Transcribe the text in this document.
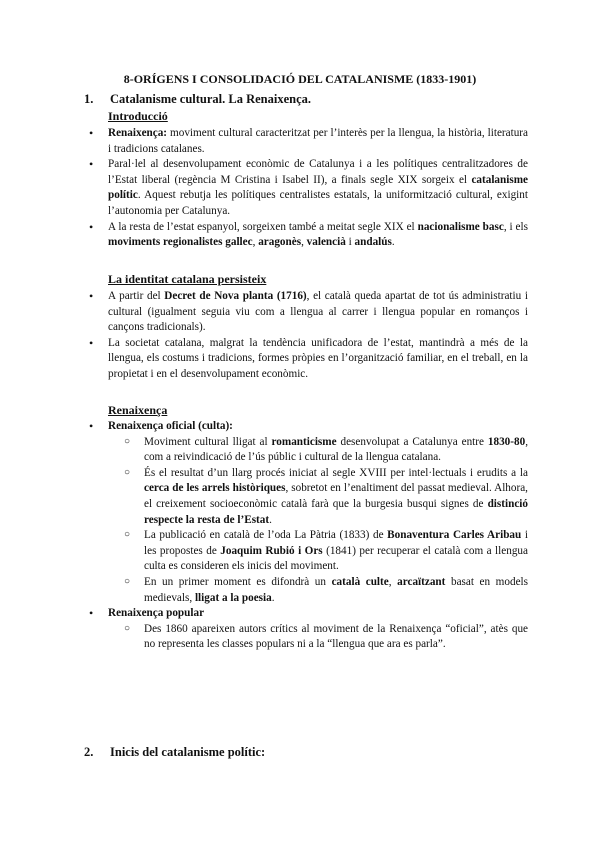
8-ORÍGENS I CONSOLIDACIÓ DEL CATALANISME (1833-1901)
1. Catalanisme cultural. La Renaixença.
Introducció
• Renaixença: moviment cultural caracteritzat per l’interès per la llengua, la història, literatura i tradicions catalanes.
• Paral·lel al desenvolupament econòmic de Catalunya i a les polítiques centralitzadores de l’Estat liberal (regència M Cristina i Isabel II), a finals segle XIX sorgeix el catalanisme polític. Aquest rebutja les polítiques centralistes estatals, la uniformització cultural, exigint l’autonomia per Catalunya.
• A la resta de l’estat espanyol, sorgeixen també a meitat segle XIX el nacionalisme basc, i els moviments regionalistes gallec, aragonès, valencià i andalús.
La identitat catalana persisteix
• A partir del Decret de Nova planta (1716), el català queda apartat de tot ús administratiu i cultural (igualment seguia viu com a llengua al carrer i llengua popular en romanços i cançons tradicionals).
• La societat catalana, malgrat la tendència unificadora de l’estat, mantindrà a més de la llengua, els costums i tradicions, formes pròpies en l’organització familiar, en el treball, en la propietat i en el desenvolupament econòmic.
Renaixença
• Renaixença oficial (culta):
○ Moviment cultural lligat al romanticisme desenvolupat a Catalunya entre 1830-80, com a reivindicació de l’ús públic i cultural de la llengua catalana.
○ És el resultat d’un llarg procés iniciat al segle XVIII per intel·lectuals i erudits a la cerca de les arrels històriques, sobretot en l’enaltiment del passat medieval. Alhora, el creixement socioeconòmic català farà que la burgesia busqui signes de distinció respecte la resta de l’Estat.
○ La publicació en català de l’oda La Pàtria (1833) de Bonaventura Carles Aribau i les propostes de Joaquim Rubió i Ors (1841) per recuperar el català com a llengua culta es consideren els inicis del moviment.
○ En un primer moment es difondrà un català culte, arcaïtzant basat en models medievals, lligat a la poesia.
• Renaixença popular
○ Des 1860 apareixen autors crítics al moviment de la Renaixença “oficial”, atès que no representa les classes populars ni a la “llengua que ara es parla”.
2. Inicis del catalanisme polític:
